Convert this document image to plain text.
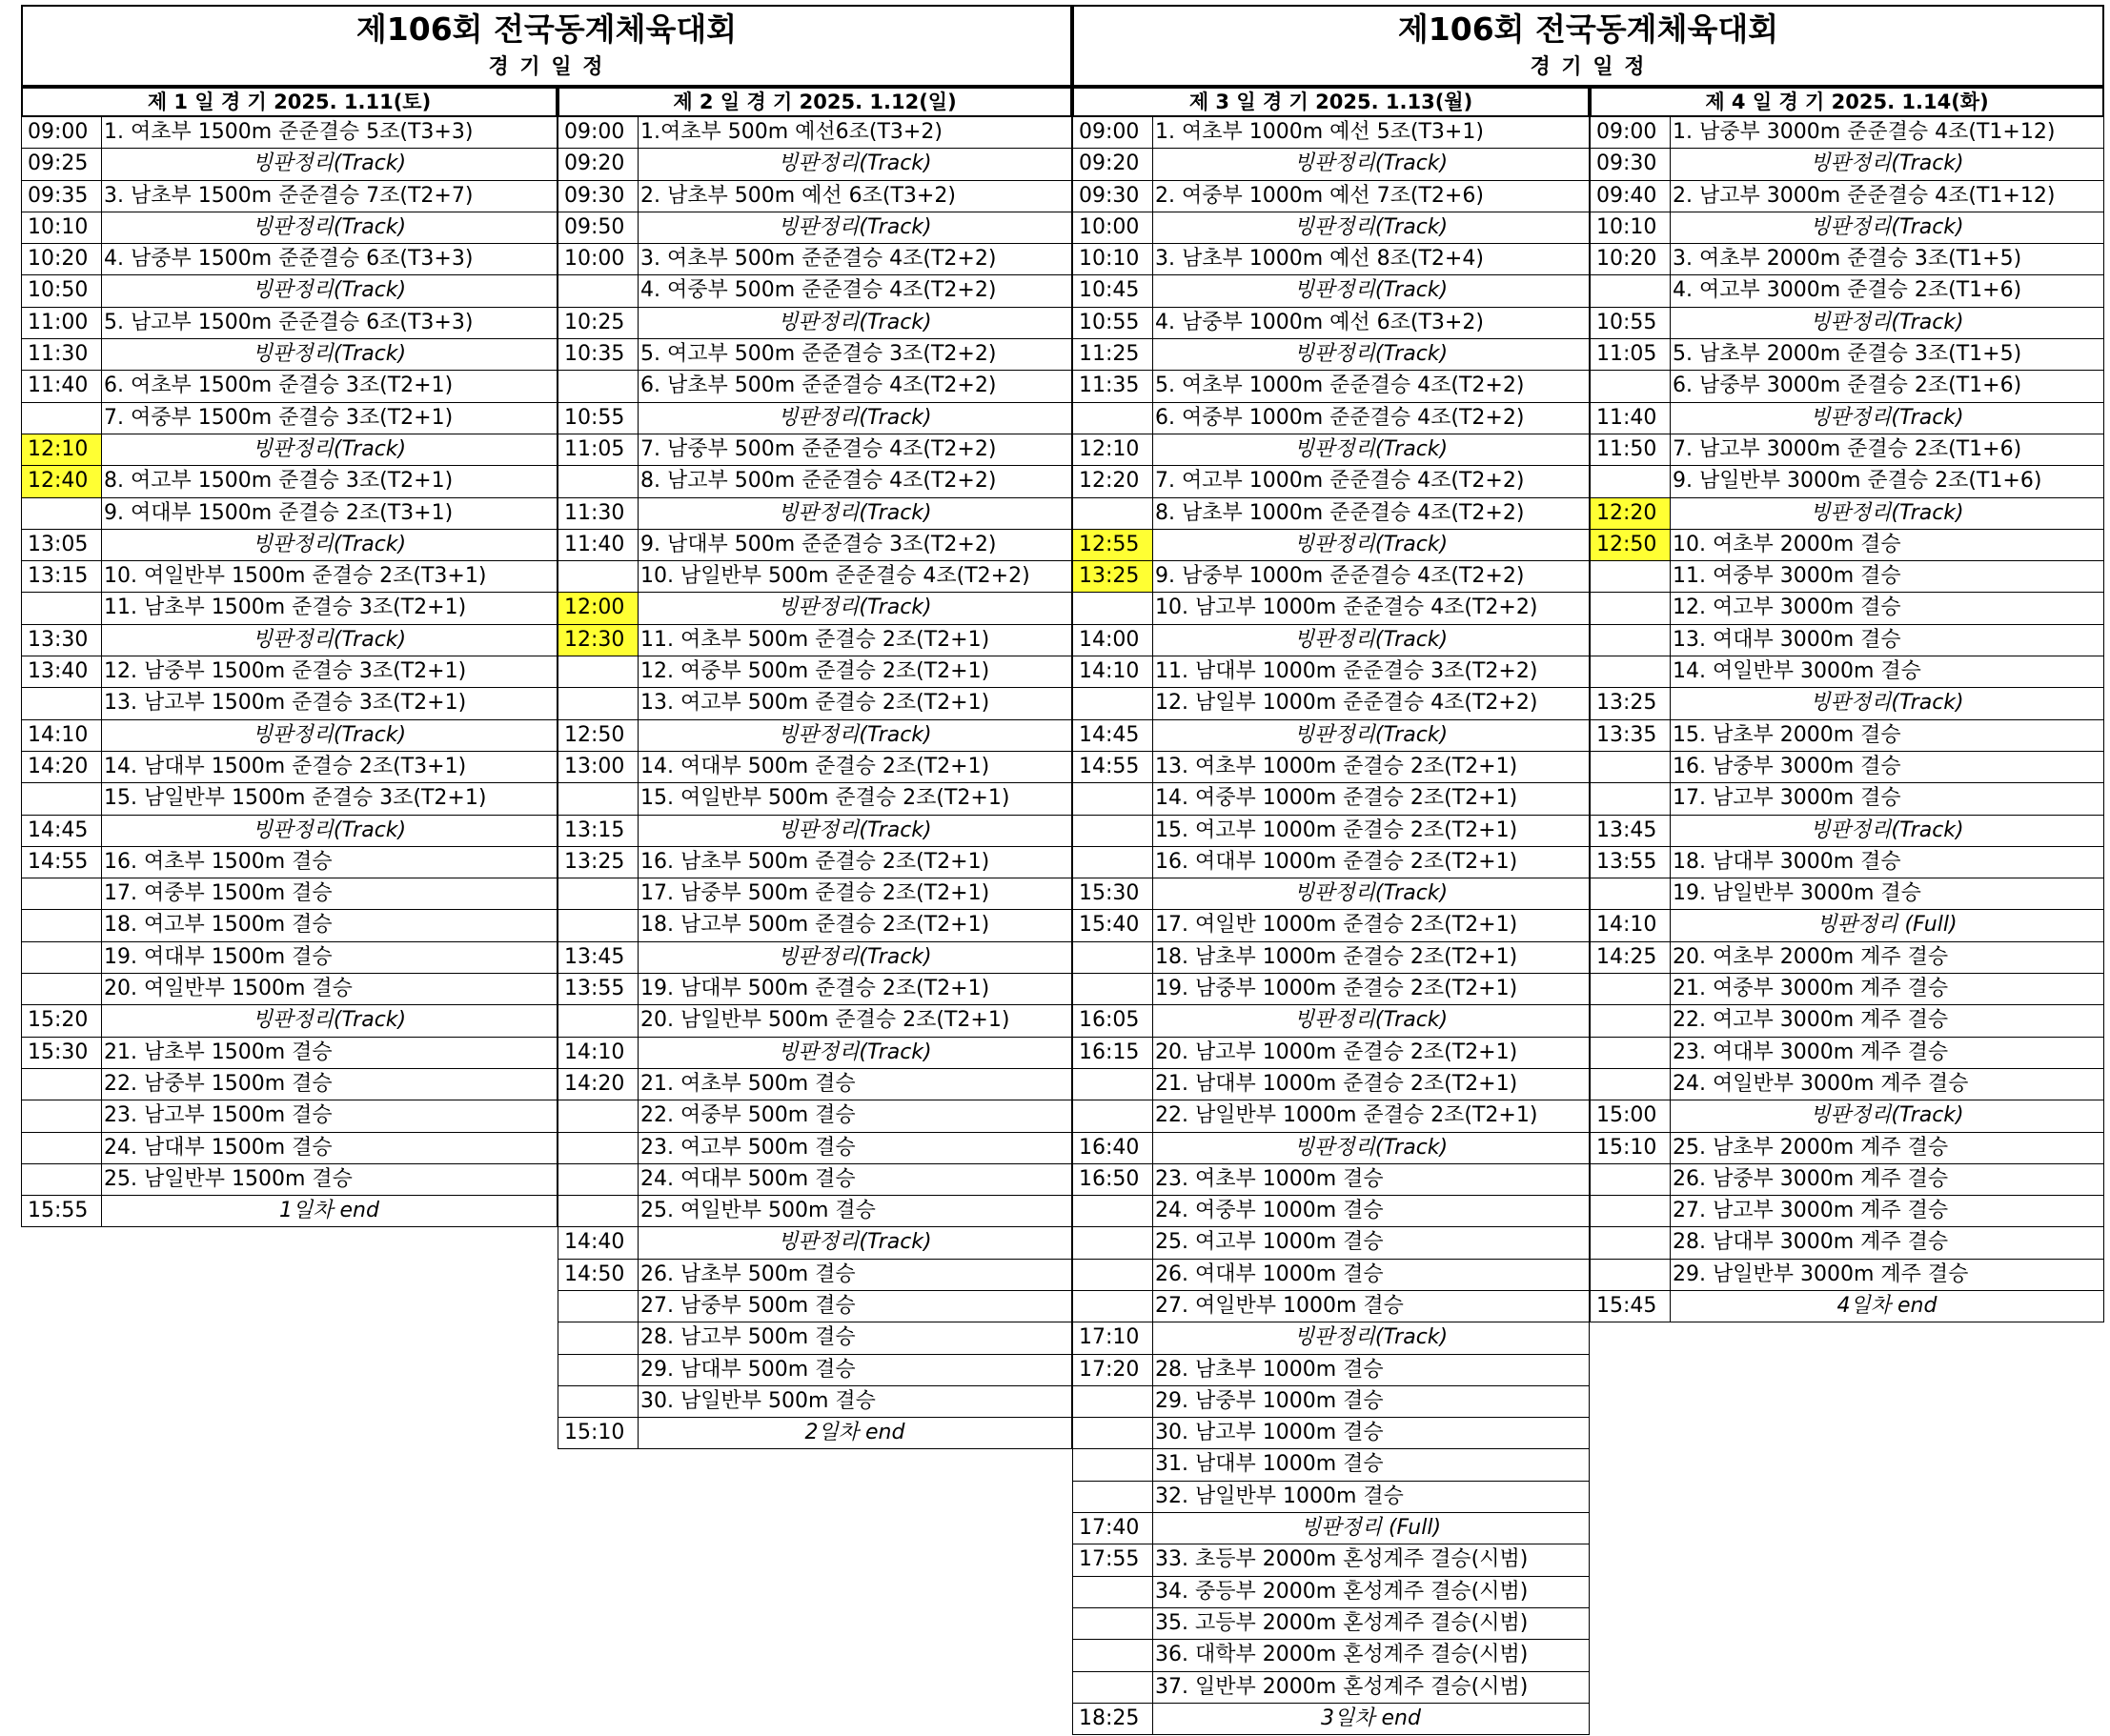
제106회 전국동계체육대회
경 기 일 정
제106회 전국동계체육대회
경 기 일 정
제 1 일 경 기 2025. 1.11(토)
09:00 1. 여초부 1500m 준준결승 5조(T3+3)
09:25	빙판정리(Track)
09:35 3. 남초부 1500m 준준결승 7조(T2+7)
10:10	빙판정리(Track)
10:20 4. 남중부 1500m 준준결승 6조(T3+3)
10:50	빙판정리(Track)
11:00 5. 남고부 1500m 준준결승 6조(T3+3)
11:30	빙판정리(Track)
11:40 6. 여초부 1500m 준결승 3조(T2+1)
7. 여중부 1500m 준결승 3조(T2+1)
12:10	빙판정리(Track)
12:40 8. 여고부 1500m 준결승 3조(T2+1)
9. 여대부 1500m 준결승 2조(T3+1)
13:05	빙판정리(Track)
13:15 10. 여일반부 1500m 준결승 2조(T3+1)
11. 남초부 1500m 준결승 3조(T2+1)
13:30	빙판정리(Track)
13:40 12. 남중부 1500m 준결승 3조(T2+1)
13. 남고부 1500m 준결승 3조(T2+1)
14:10	빙판정리(Track)
14:20 14. 남대부 1500m 준결승 2조(T3+1)
15. 남일반부 1500m 준결승 3조(T2+1)
14:45	빙판정리(Track)
14:55 16. 여초부 1500m 결승
17. 여중부 1500m 결승
18. 여고부 1500m 결승
19. 여대부 1500m 결승
20. 여일반부 1500m 결승
15:20	빙판정리(Track)
15:30 21. 남초부 1500m 결승
22. 남중부 1500m 결승
23. 남고부 1500m 결승
24. 남대부 1500m 결승
25. 남일반부 1500m 결승
15:55	1일차 end
제 2 일 경 기 2025. 1.12(일)
09:00 1.여초부 500m 예선6조(T3+2)
09:20	빙판정리(Track)
09:30 2. 남초부 500m 예선 6조(T3+2)
09:50	빙판정리(Track)
10:00 3. 여초부 500m 준준결승 4조(T2+2)
4. 여중부 500m 준준결승 4조(T2+2)
10:25	빙판정리(Track)
10:35 5. 여고부 500m 준준결승 3조(T2+2)
6. 남초부 500m 준준결승 4조(T2+2)
10:55	빙판정리(Track)
11:05 7. 남중부 500m 준준결승 4조(T2+2)
8. 남고부 500m 준준결승 4조(T2+2)
11:30	빙판정리(Track)
11:40 9. 남대부 500m 준준결승 3조(T2+2)
10. 남일반부 500m 준준결승 4조(T2+2)
12:00	빙판정리(Track)
12:30 11. 여초부 500m 준결승 2조(T2+1)
12. 여중부 500m 준결승 2조(T2+1)
13. 여고부 500m 준결승 2조(T2+1)
12:50	빙판정리(Track)
13:00 14. 여대부 500m 준결승 2조(T2+1)
15. 여일반부 500m 준결승 2조(T2+1)
13:15	빙판정리(Track)
13:25 16. 남초부 500m 준결승 2조(T2+1)
17. 남중부 500m 준결승 2조(T2+1)
18. 남고부 500m 준결승 2조(T2+1)
13:45	빙판정리(Track)
13:55 19. 남대부 500m 준결승 2조(T2+1)
20. 남일반부 500m 준결승 2조(T2+1)
14:10	빙판정리(Track)
14:20 21. 여초부 500m 결승
22. 여중부 500m 결승
23. 여고부 500m 결승
24. 여대부 500m 결승
25. 여일반부 500m 결승
14:40	빙판정리(Track)
14:50 26. 남초부 500m 결승
27. 남중부 500m 결승
28. 남고부 500m 결승
29. 남대부 500m 결승
30. 남일반부 500m 결승
15:10	2일차 end
제 3 일 경 기 2025. 1.13(월)
09:00 1. 여초부 1000m 예선 5조(T3+1)
09:20	빙판정리(Track)
09:30 2. 여중부 1000m 예선 7조(T2+6)
10:00	빙판정리(Track)
10:10 3. 남초부 1000m 예선 8조(T2+4)
10:45	빙판정리(Track)
10:55 4. 남중부 1000m 예선 6조(T3+2)
11:25	빙판정리(Track)
11:35 5. 여초부 1000m 준준결승 4조(T2+2)
6. 여중부 1000m 준준결승 4조(T2+2)
12:10	빙판정리(Track)
12:20 7. 여고부 1000m 준준결승 4조(T2+2)
8. 남초부 1000m 준준결승 4조(T2+2)
12:55	빙판정리(Track)
13:25 9. 남중부 1000m 준준결승 4조(T2+2)
10. 남고부 1000m 준준결승 4조(T2+2)
14:00	빙판정리(Track)
14:10 11. 남대부 1000m 준준결승 3조(T2+2)
12. 남일부 1000m 준준결승 4조(T2+2)
14:45	빙판정리(Track)
14:55 13. 여초부 1000m 준결승 2조(T2+1)
14. 여중부 1000m 준결승 2조(T2+1)
15. 여고부 1000m 준결승 2조(T2+1)
16. 여대부 1000m 준결승 2조(T2+1)
15:30	빙판정리(Track)
15:40 17. 여일반 1000m 준결승 2조(T2+1)
18. 남초부 1000m 준결승 2조(T2+1)
19. 남중부 1000m 준결승 2조(T2+1)
16:05	빙판정리(Track)
16:15 20. 남고부 1000m 준결승 2조(T2+1)
21. 남대부 1000m 준결승 2조(T2+1)
22. 남일반부 1000m 준결승 2조(T2+1)
16:40	빙판정리(Track)
16:50 23. 여초부 1000m 결승
24. 여중부 1000m 결승
25. 여고부 1000m 결승
26. 여대부 1000m 결승
27. 여일반부 1000m 결승
17:10	빙판정리(Track)
17:20 28. 남초부 1000m 결승
29. 남중부 1000m 결승
30. 남고부 1000m 결승
31. 남대부 1000m 결승
32. 남일반부 1000m 결승
17:40	빙판정리 (Full)
17:55 33. 초등부 2000m 혼성계주 결승(시범)
34. 중등부 2000m 혼성계주 결승(시범)
35. 고등부 2000m 혼성계주 결승(시범)
36. 대학부 2000m 혼성계주 결승(시범)
37. 일반부 2000m 혼성계주 결승(시범)
18:25	3일차 end
제 4 일 경 기 2025. 1.14(화)
09:00 1. 남중부 3000m 준준결승 4조(T1+12)
09:30	빙판정리(Track)
09:40 2. 남고부 3000m 준준결승 4조(T1+12)
10:10	빙판정리(Track)
10:20 3. 여초부 2000m 준결승 3조(T1+5)
4. 여고부 3000m 준결승 2조(T1+6)
10:55	빙판정리(Track)
11:05 5. 남초부 2000m 준결승 3조(T1+5)
6. 남중부 3000m 준결승 2조(T1+6)
11:40	빙판정리(Track)
11:50 7. 남고부 3000m 준결승 2조(T1+6)
9. 남일반부 3000m 준결승 2조(T1+6)
12:20	빙판정리(Track)
12:50 10. 여초부 2000m 결승
11. 여중부 3000m 결승
12. 여고부 3000m 결승
13. 여대부 3000m 결승
14. 여일반부 3000m 결승
13:25	빙판정리(Track)
13:35 15. 남초부 2000m 결승
16. 남중부 3000m 결승
17. 남고부 3000m 결승
13:45	빙판정리(Track)
13:55 18. 남대부 3000m 결승
19. 남일반부 3000m 결승
14:10	빙판정리 (Full)
14:25 20. 여초부 2000m 계주 결승
21. 여중부 3000m 계주 결승
22. 여고부 3000m 계주 결승
23. 여대부 3000m 계주 결승
24. 여일반부 3000m 계주 결승
15:00	빙판정리(Track)
15:10 25. 남초부 2000m 계주 결승
26. 남중부 3000m 계주 결승
27. 남고부 3000m 계주 결승
28. 남대부 3000m 계주 결승
29. 남일반부 3000m 계주 결승
15:45	4일차 end
